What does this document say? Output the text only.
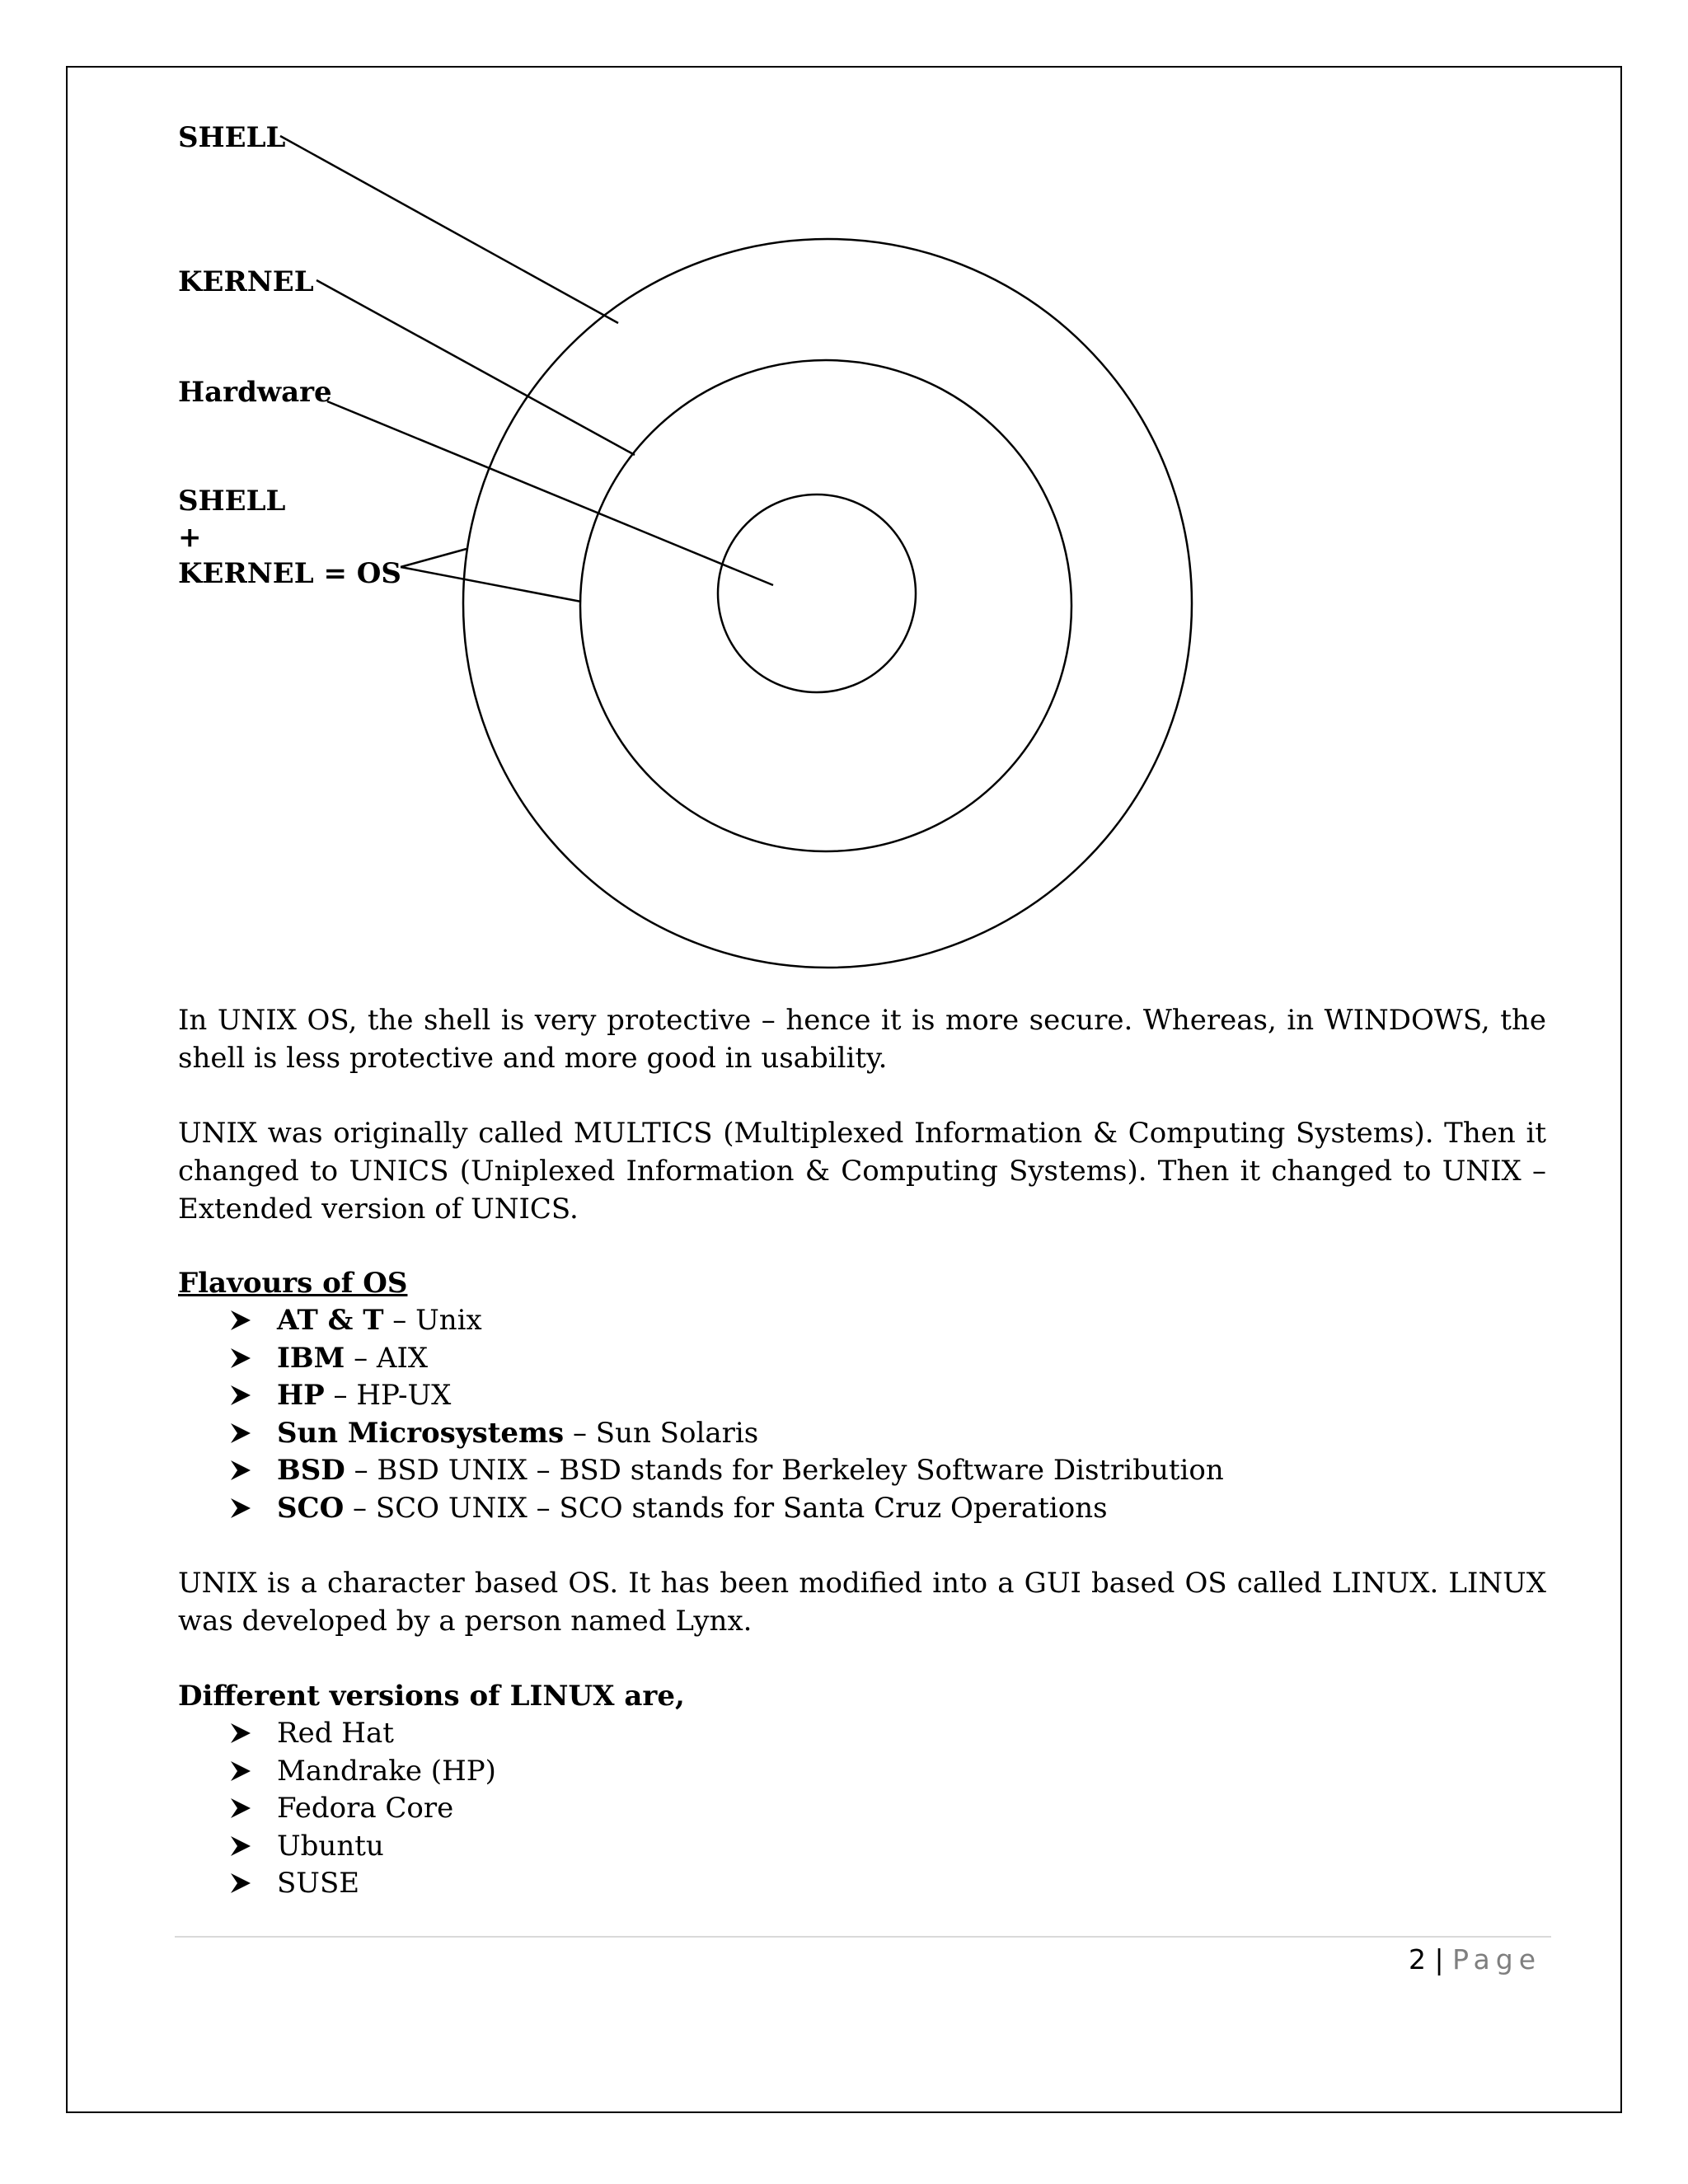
SHELL

KERNEL

Hardware

SHELL

+

KERNEL = OS

In UNIX OS, the shell is very protective – hence it is more secure. Whereas, in WINDOWS, the shell is less protective and more good in usability.

UNIX was originally called MULTICS (Multiplexed Information & Computing Systems). Then it changed to UNICS (Uniplexed Information & Computing Systems). Then it changed to UNIX – Extended version of UNICS.

Flavours of OS

AT & T – Unix
IBM – AIX
HP – HP-UX
Sun Microsystems – Sun Solaris
BSD – BSD UNIX – BSD stands for Berkeley Software Distribution
SCO – SCO UNIX – SCO stands for Santa Cruz Operations

UNIX is a character based OS. It has been modified into a GUI based OS called LINUX. LINUX was developed by a person named Lynx.

Different versions of LINUX are,

Red Hat
Mandrake (HP)
Fedora Core
Ubuntu
SUSE
2 | Page
